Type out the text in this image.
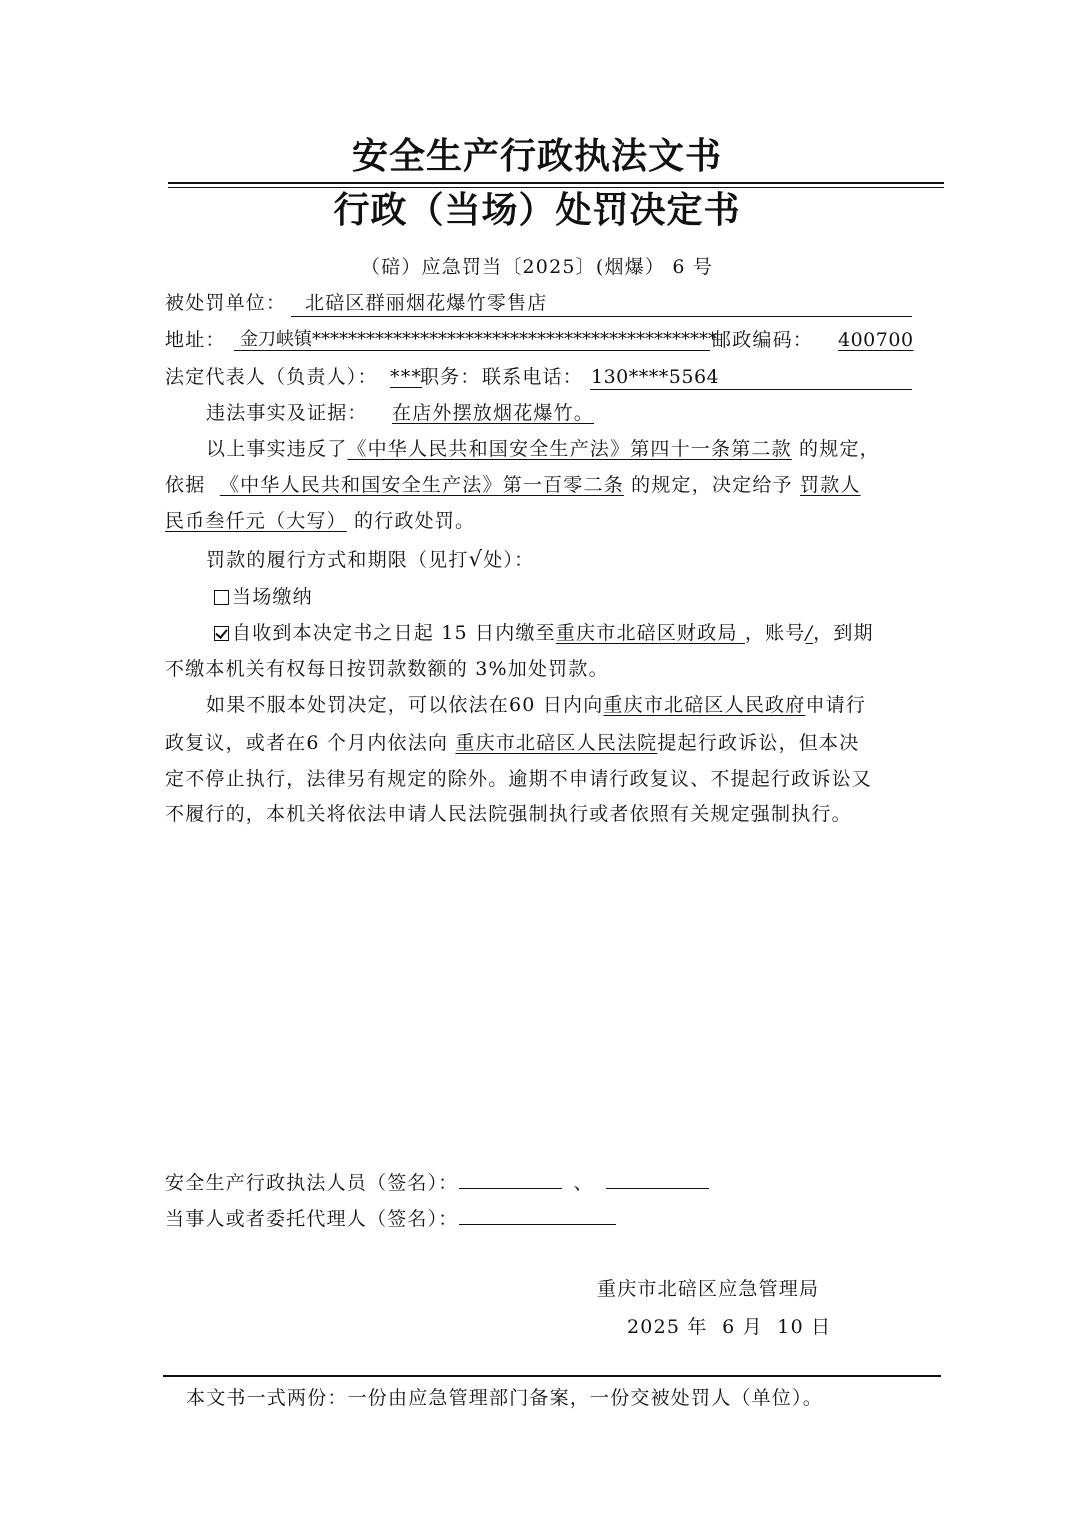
安全生产行政执法文书
行政（当场）处罚决定书
（碚）应急罚当〔2025〕(烟爆） 6 号
被处罚单位： 北碚区群丽烟花爆竹零售店
地址： 金刀峡镇*********************************************
邮政编码： 400700
法定代表人（负责人）： ***
职务： 联系电话： 130****5564
违法事实及证据： 在店外摆放烟花爆竹。
以上事实违反了《中华人民共和国安全生产法》第四十一条第二款 的规定，
依据  《中华人民共和国安全生产法》第一百零二条 的规定，决定给予 罚款人
民币叁仟元（大写） 的行政处罚。
罚款的履行方式和期限（见打√处）：
当场缴纳
自收到本决定书之日起 15 日内缴至重庆市北碚区财政局 ，账号/，到期
不缴本机关有权每日按罚款数额的 3%加处罚款。
如果不服本处罚决定，可以依法在60 日内向重庆市北碚区人民政府申请行
政复议，或者在6 个月内依法向 重庆市北碚区人民法院提起行政诉讼，但本决
定不停止执行，法律另有规定的除外。逾期不申请行政复议、不提起行政诉讼又
不履行的，本机关将依法申请人民法院强制执行或者依照有关规定强制执行。
安全生产行政执法人员（签名）：	、
当事人或者委托代理人（签名）：
重庆市北碚区应急管理局
2025 年  6 月  10 日
本文书一式两份：一份由应急管理部门备案，一份交被处罚人（单位）。
